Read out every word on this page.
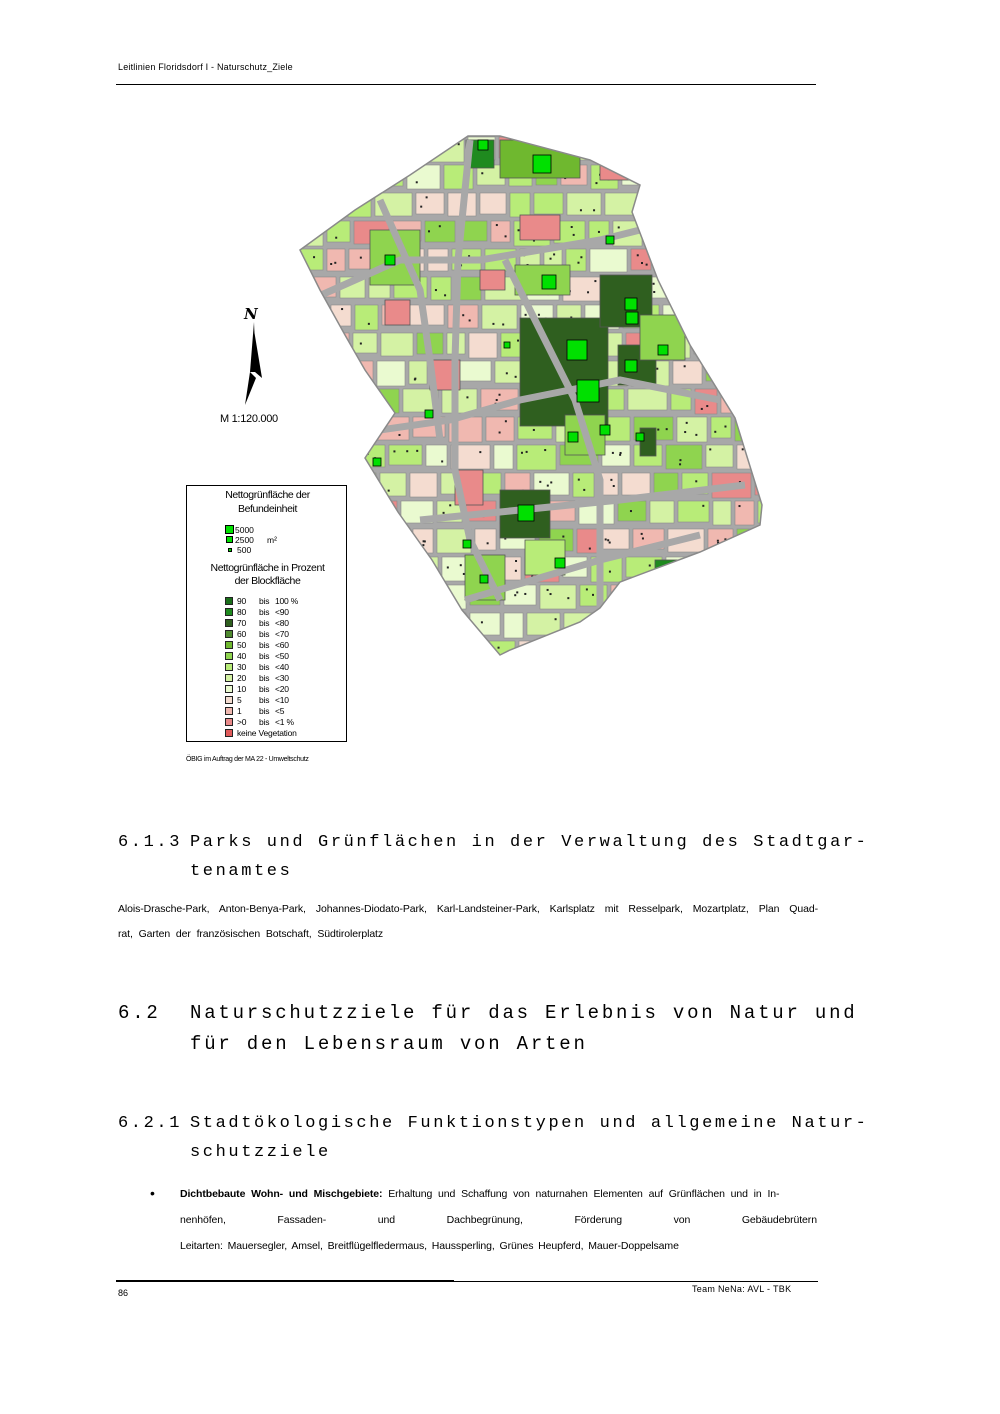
Leitlinien Floridsdorf I - Naturschutz_Ziele
N
M 1:120.000
Nettogrünfläche der
Befundeinheit
5000
2500 m²
500
Nettogrünfläche in Prozent
der Blockfläche
90 bis 100 %
80 bis <90
70 bis <80
60 bis <70
50 bis <60
40 bis <50
30 bis <40
20 bis <30
10 bis <20
5 bis <10
1 bis <5
>0 bis <1 %
keine Vegetation
ÖBIG im Auftrag der MA 22 - Umweltschutz
6.1.3 Parks und Grünflächen in der Verwaltung des Stadtgar-
tenamtes
Alois-Drasche-Park, Anton-Benya-Park, Johannes-Diodato-Park, Karl-Landsteiner-Park, Karlsplatz mit Resselpark, Mozartplatz, Plan Quad-
rat, Garten der französischen Botschaft, Südtirolerplatz
6.2 Naturschutzziele für das Erlebnis von Natur und
für den Lebensraum von Arten
6.2.1 Stadtökologische Funktionstypen und allgemeine Natur-
schutzziele
• Dichtbebaute Wohn- und Mischgebiete: Erhaltung und Schaffung von naturnahen Elementen auf Grünflächen und in In-
nenhöfen,	Fassaden-	und	Dachbegrünung,	Förderung	von	Gebäudebrütern
Leitarten: Mauersegler, Amsel, Breitflügelfledermaus, Haussperling, Grünes Heupferd, Mauer-Doppelsame
86	Team NeNa: AVL - TBK
